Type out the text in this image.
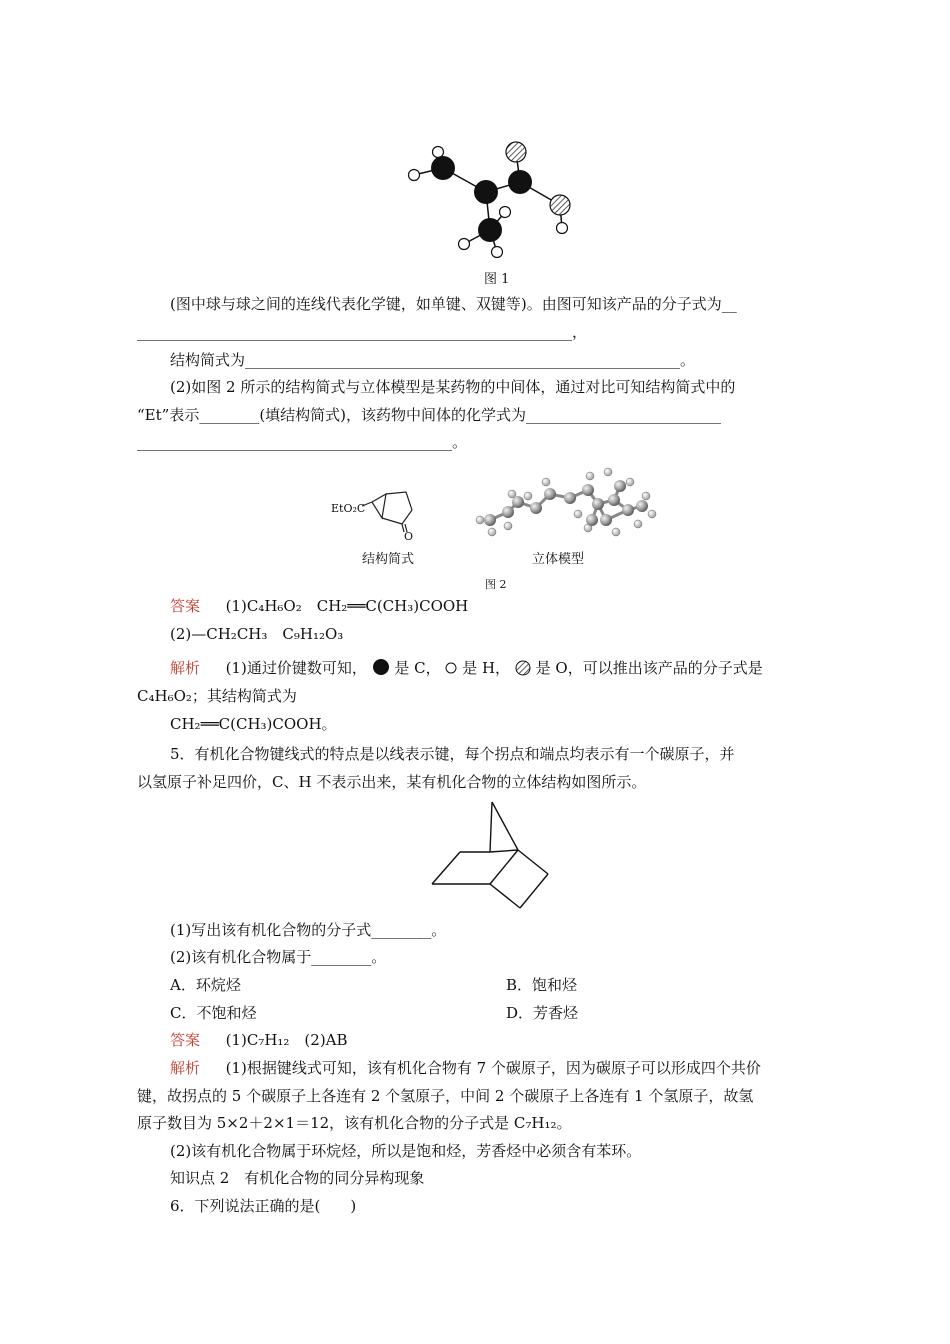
图 1
(图中球与球之间的连线代表化学键，如单键、双键等)。由图可知该产品的分子式为__
__________________________________________________________，
结构简式为__________________________________________________________。
(2)如图 2 所示的结构简式与立体模型是某药物的中间体，通过对比可知结构简式中的
“Et”表示________(填结构简式)，该药物中间体的化学式为__________________________
__________________________________________。
EtO₂C
O
结构简式	立体模型
图 2
答案 (1)C₄H₆O₂　CH₂══C(CH₃)COOH
(2)—CH₂CH₃　C₉H₁₂O₃
解析 (1)通过价键数可知， 是 C， 是 H， 是 O，可以推出该产品的分子式是
C₄H₆O₂；其结构简式为
CH₂══C(CH₃)COOH。
5．有机化合物键线式的特点是以线表示键，每个拐点和端点均表示有一个碳原子，并
以氢原子补足四价，C、H 不表示出来，某有机化合物的立体结构如图所示。
(1)写出该有机化合物的分子式________。
(2)该有机化合物属于________。
A．环烷烃	B．饱和烃
C．不饱和烃	D．芳香烃
答案 (1)C₇H₁₂　(2)AB
解析 (1)根据键线式可知，该有机化合物有 7 个碳原子，因为碳原子可以形成四个共价
键，故拐点的 5 个碳原子上各连有 2 个氢原子，中间 2 个碳原子上各连有 1 个氢原子，故氢
原子数目为 5×2＋2×1＝12，该有机化合物的分子式是 C₇H₁₂。
(2)该有机化合物属于环烷烃，所以是饱和烃，芳香烃中必须含有苯环。
知识点 2　有机化合物的同分异构现象
6．下列说法正确的是(　　)
